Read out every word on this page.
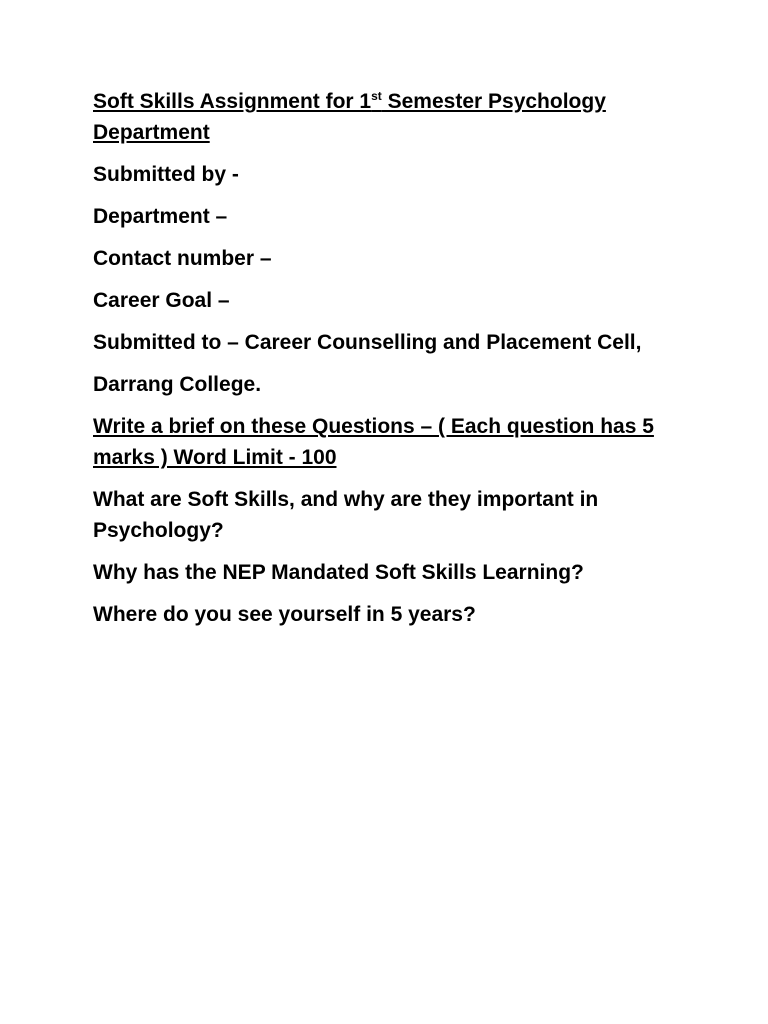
Soft Skills Assignment for 1st Semester Psychology Department

Submitted by -

Department –

Contact number –

Career Goal –

Submitted to – Career Counselling and Placement Cell,

Darrang College.

Write a brief on these Questions – ( Each question has 5 marks ) Word Limit - 100

What are Soft Skills, and why are they important in Psychology?

Why has the NEP Mandated Soft Skills Learning?

Where do you see yourself in 5 years?
